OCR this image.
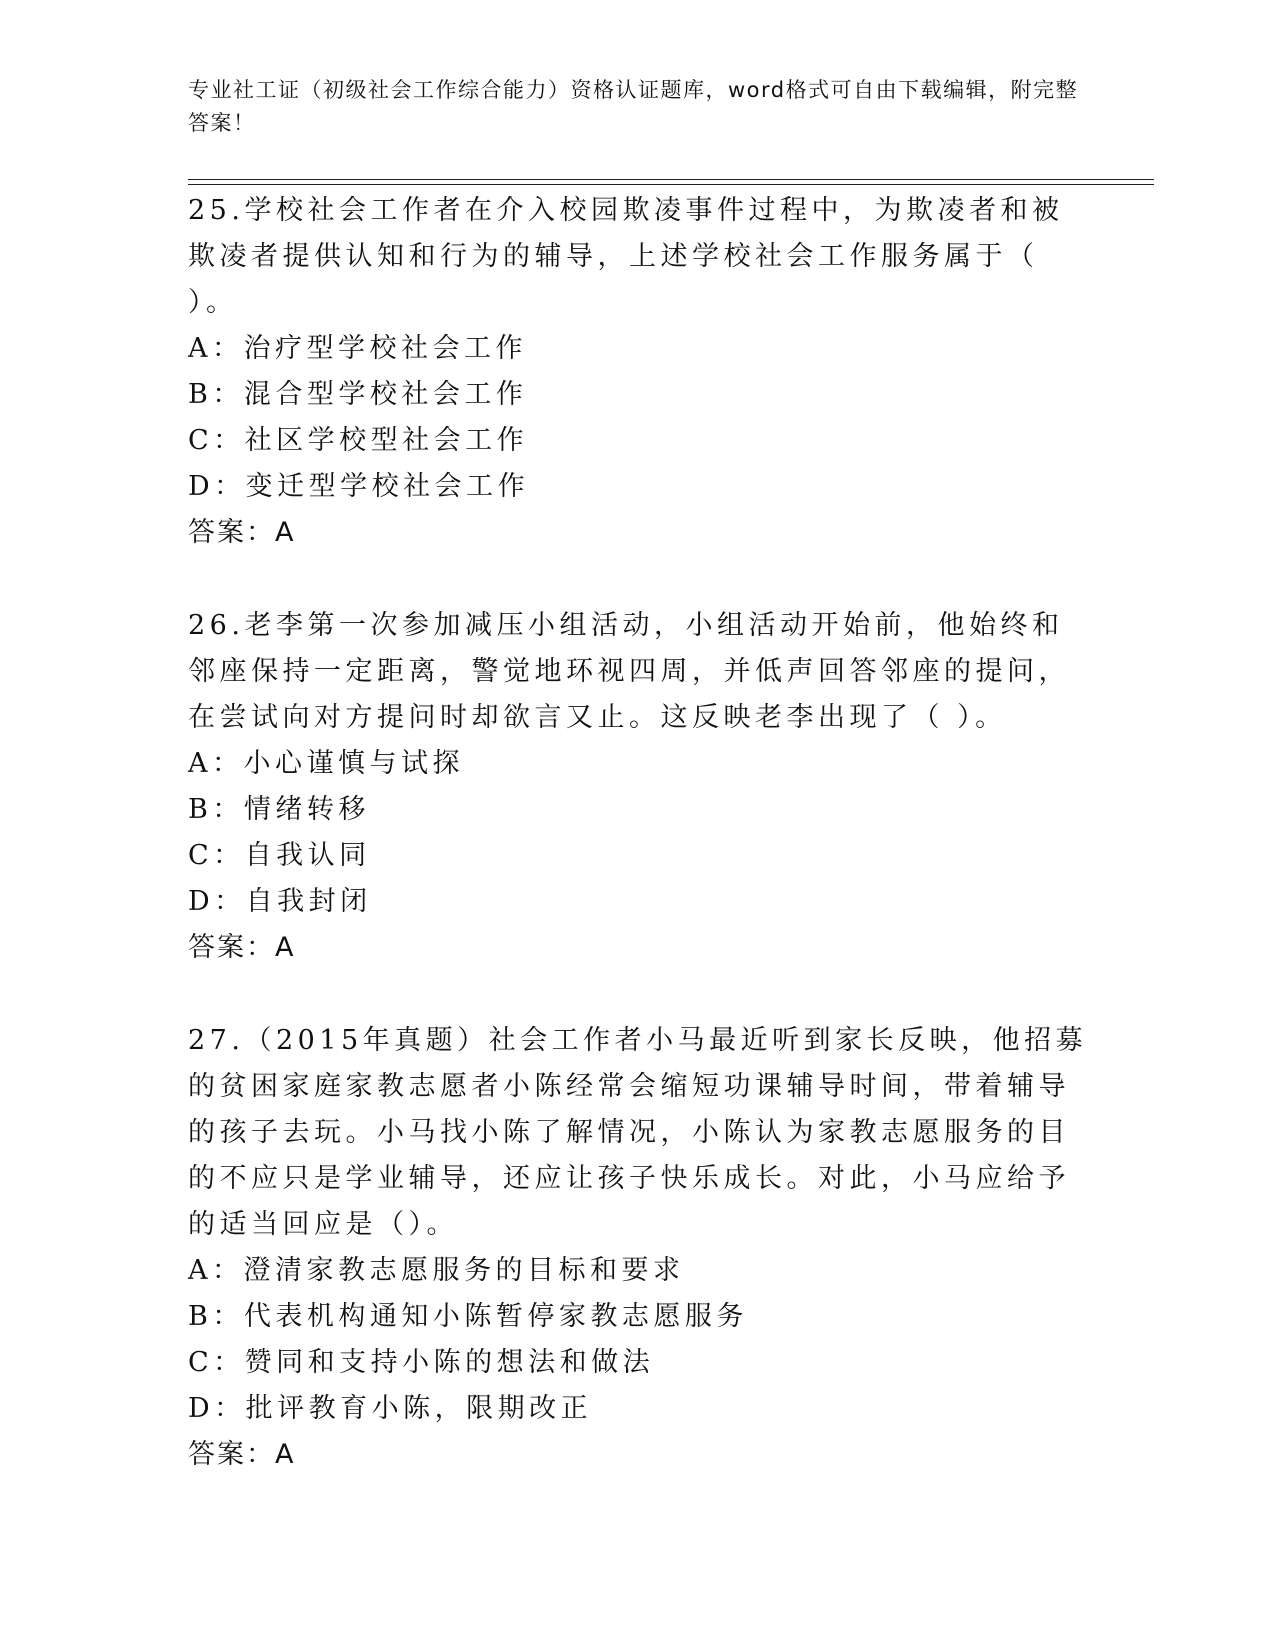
专业社工证（初级社会工作综合能力）资格认证题库，word格式可自由下载编辑，附完整答案！

25.学校社会工作者在介入校园欺凌事件过程中，为欺凌者和被欺凌者提供认知和行为的辅导，上述学校社会工作服务属于（ ）。

A：治疗型学校社会工作

B：混合型学校社会工作

C：社区学校型社会工作

D：变迁型学校社会工作

答案：A

26.老李第一次参加减压小组活动，小组活动开始前，他始终和邻座保持一定距离，警觉地环视四周，并低声回答邻座的提问，在尝试向对方提问时却欲言又止。这反映老李出现了（ ）。

A：小心谨慎与试探

B：情绪转移

C：自我认同

D：自我封闭

答案：A

27.（2015年真题）社会工作者小马最近听到家长反映，他招募的贫困家庭家教志愿者小陈经常会缩短功课辅导时间，带着辅导的孩子去玩。小马找小陈了解情况，小陈认为家教志愿服务的目的不应只是学业辅导，还应让孩子快乐成长。对此，小马应给予的适当回应是（）。

A：澄清家教志愿服务的目标和要求

B：代表机构通知小陈暂停家教志愿服务

C：赞同和支持小陈的想法和做法

D：批评教育小陈，限期改正

答案：A
